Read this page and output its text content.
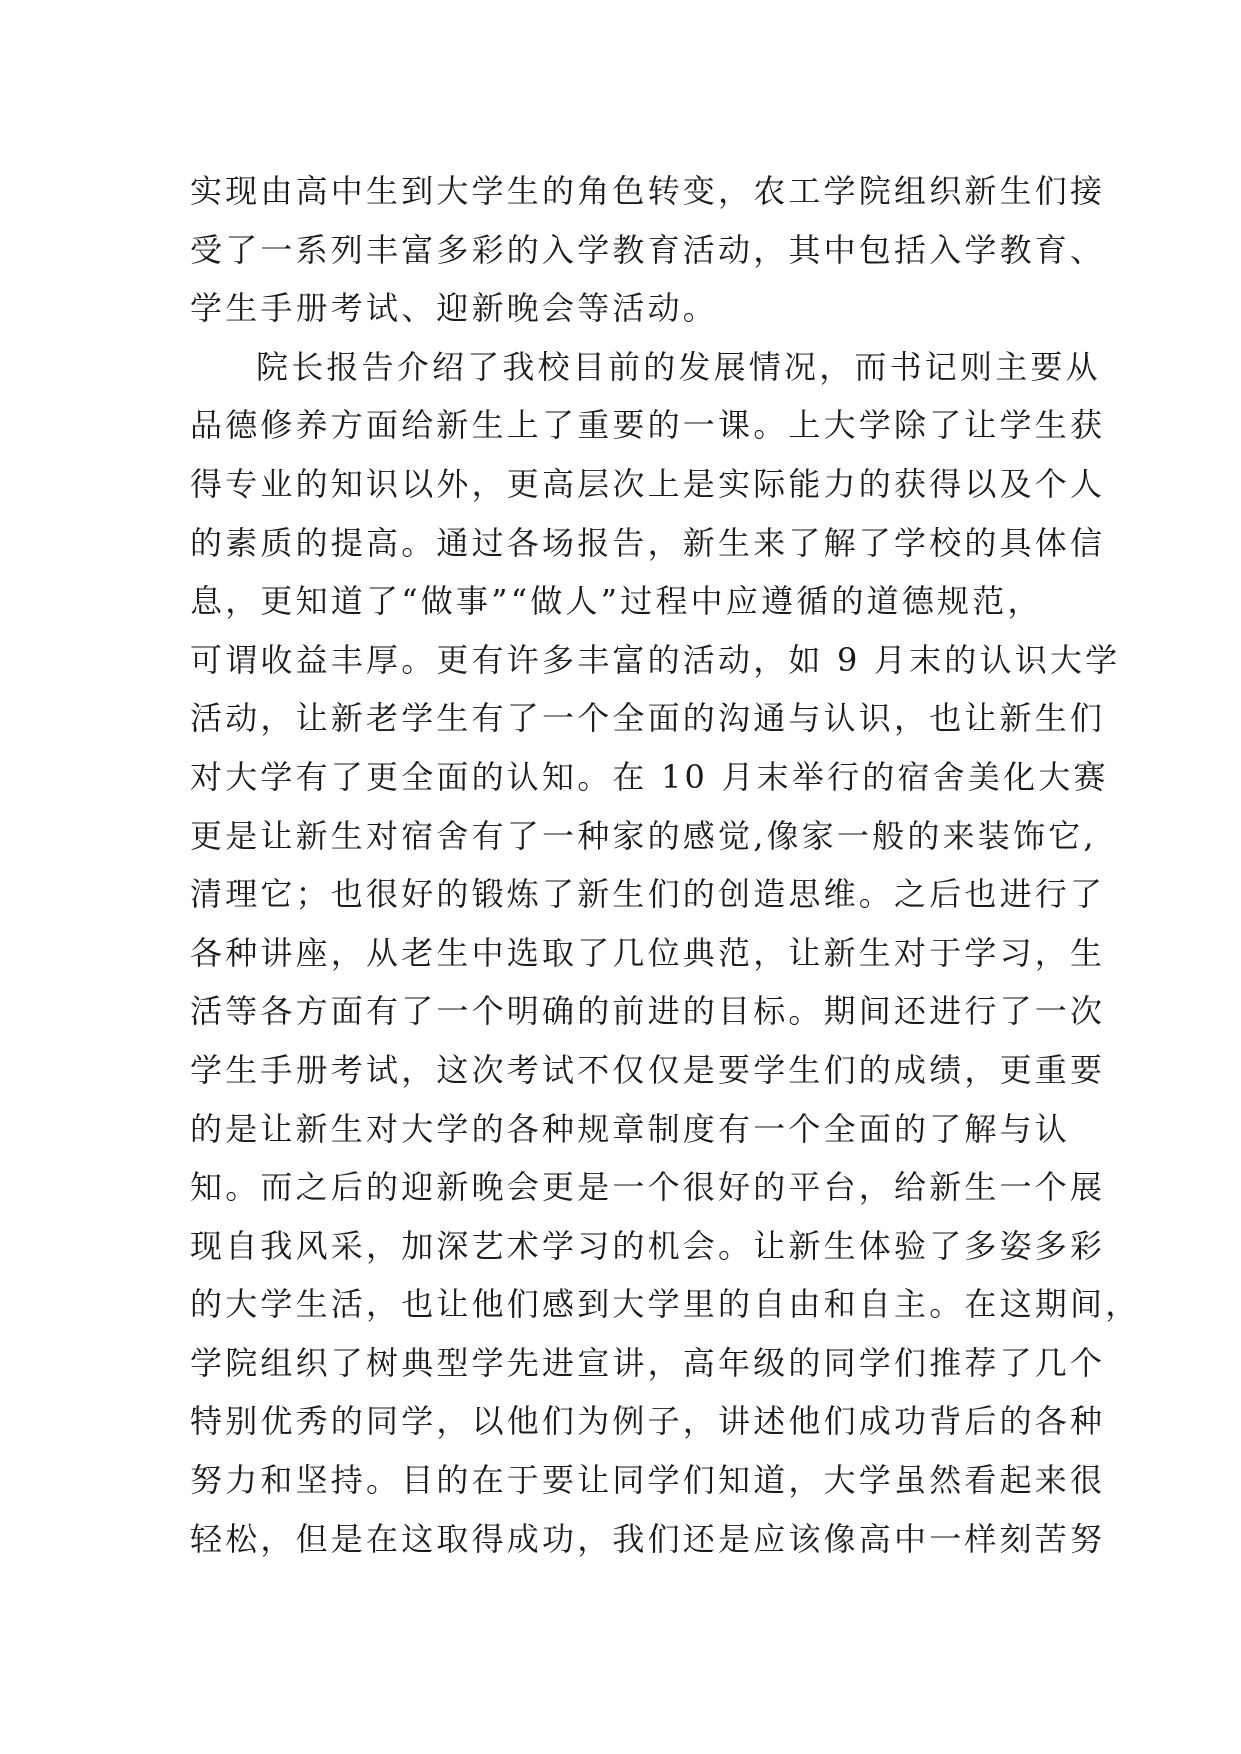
实现由高中生到大学生的角色转变，农工学院组织新生们接
受了一系列丰富多彩的入学教育活动，其中包括入学教育、
学生手册考试、迎新晚会等活动。
院长报告介绍了我校目前的发展情况，而书记则主要从
品德修养方面给新生上了重要的一课。上大学除了让学生获
得专业的知识以外，更高层次上是实际能力的获得以及个人
的素质的提高。通过各场报告，新生来了解了学校的具体信
息，更知道了“做事”“做人”过程中应遵循的道德规范，
可谓收益丰厚。更有许多丰富的活动，如 9 月末的认识大学
活动，让新老学生有了一个全面的沟通与认识，也让新生们
对大学有了更全面的认知。在 10 月末举行的宿舍美化大赛
更是让新生对宿舍有了一种家的感觉,像家一般的来装饰它,
清理它；也很好的锻炼了新生们的创造思维。之后也进行了
各种讲座，从老生中选取了几位典范，让新生对于学习，生
活等各方面有了一个明确的前进的目标。期间还进行了一次
学生手册考试，这次考试不仅仅是要学生们的成绩，更重要
的是让新生对大学的各种规章制度有一个全面的了解与认
知。而之后的迎新晚会更是一个很好的平台，给新生一个展
现自我风采，加深艺术学习的机会。让新生体验了多姿多彩
的大学生活，也让他们感到大学里的自由和自主。在这期间，
学院组织了树典型学先进宣讲，高年级的同学们推荐了几个
特别优秀的同学，以他们为例子，讲述他们成功背后的各种
努力和坚持。目的在于要让同学们知道，大学虽然看起来很
轻松，但是在这取得成功，我们还是应该像高中一样刻苦努
